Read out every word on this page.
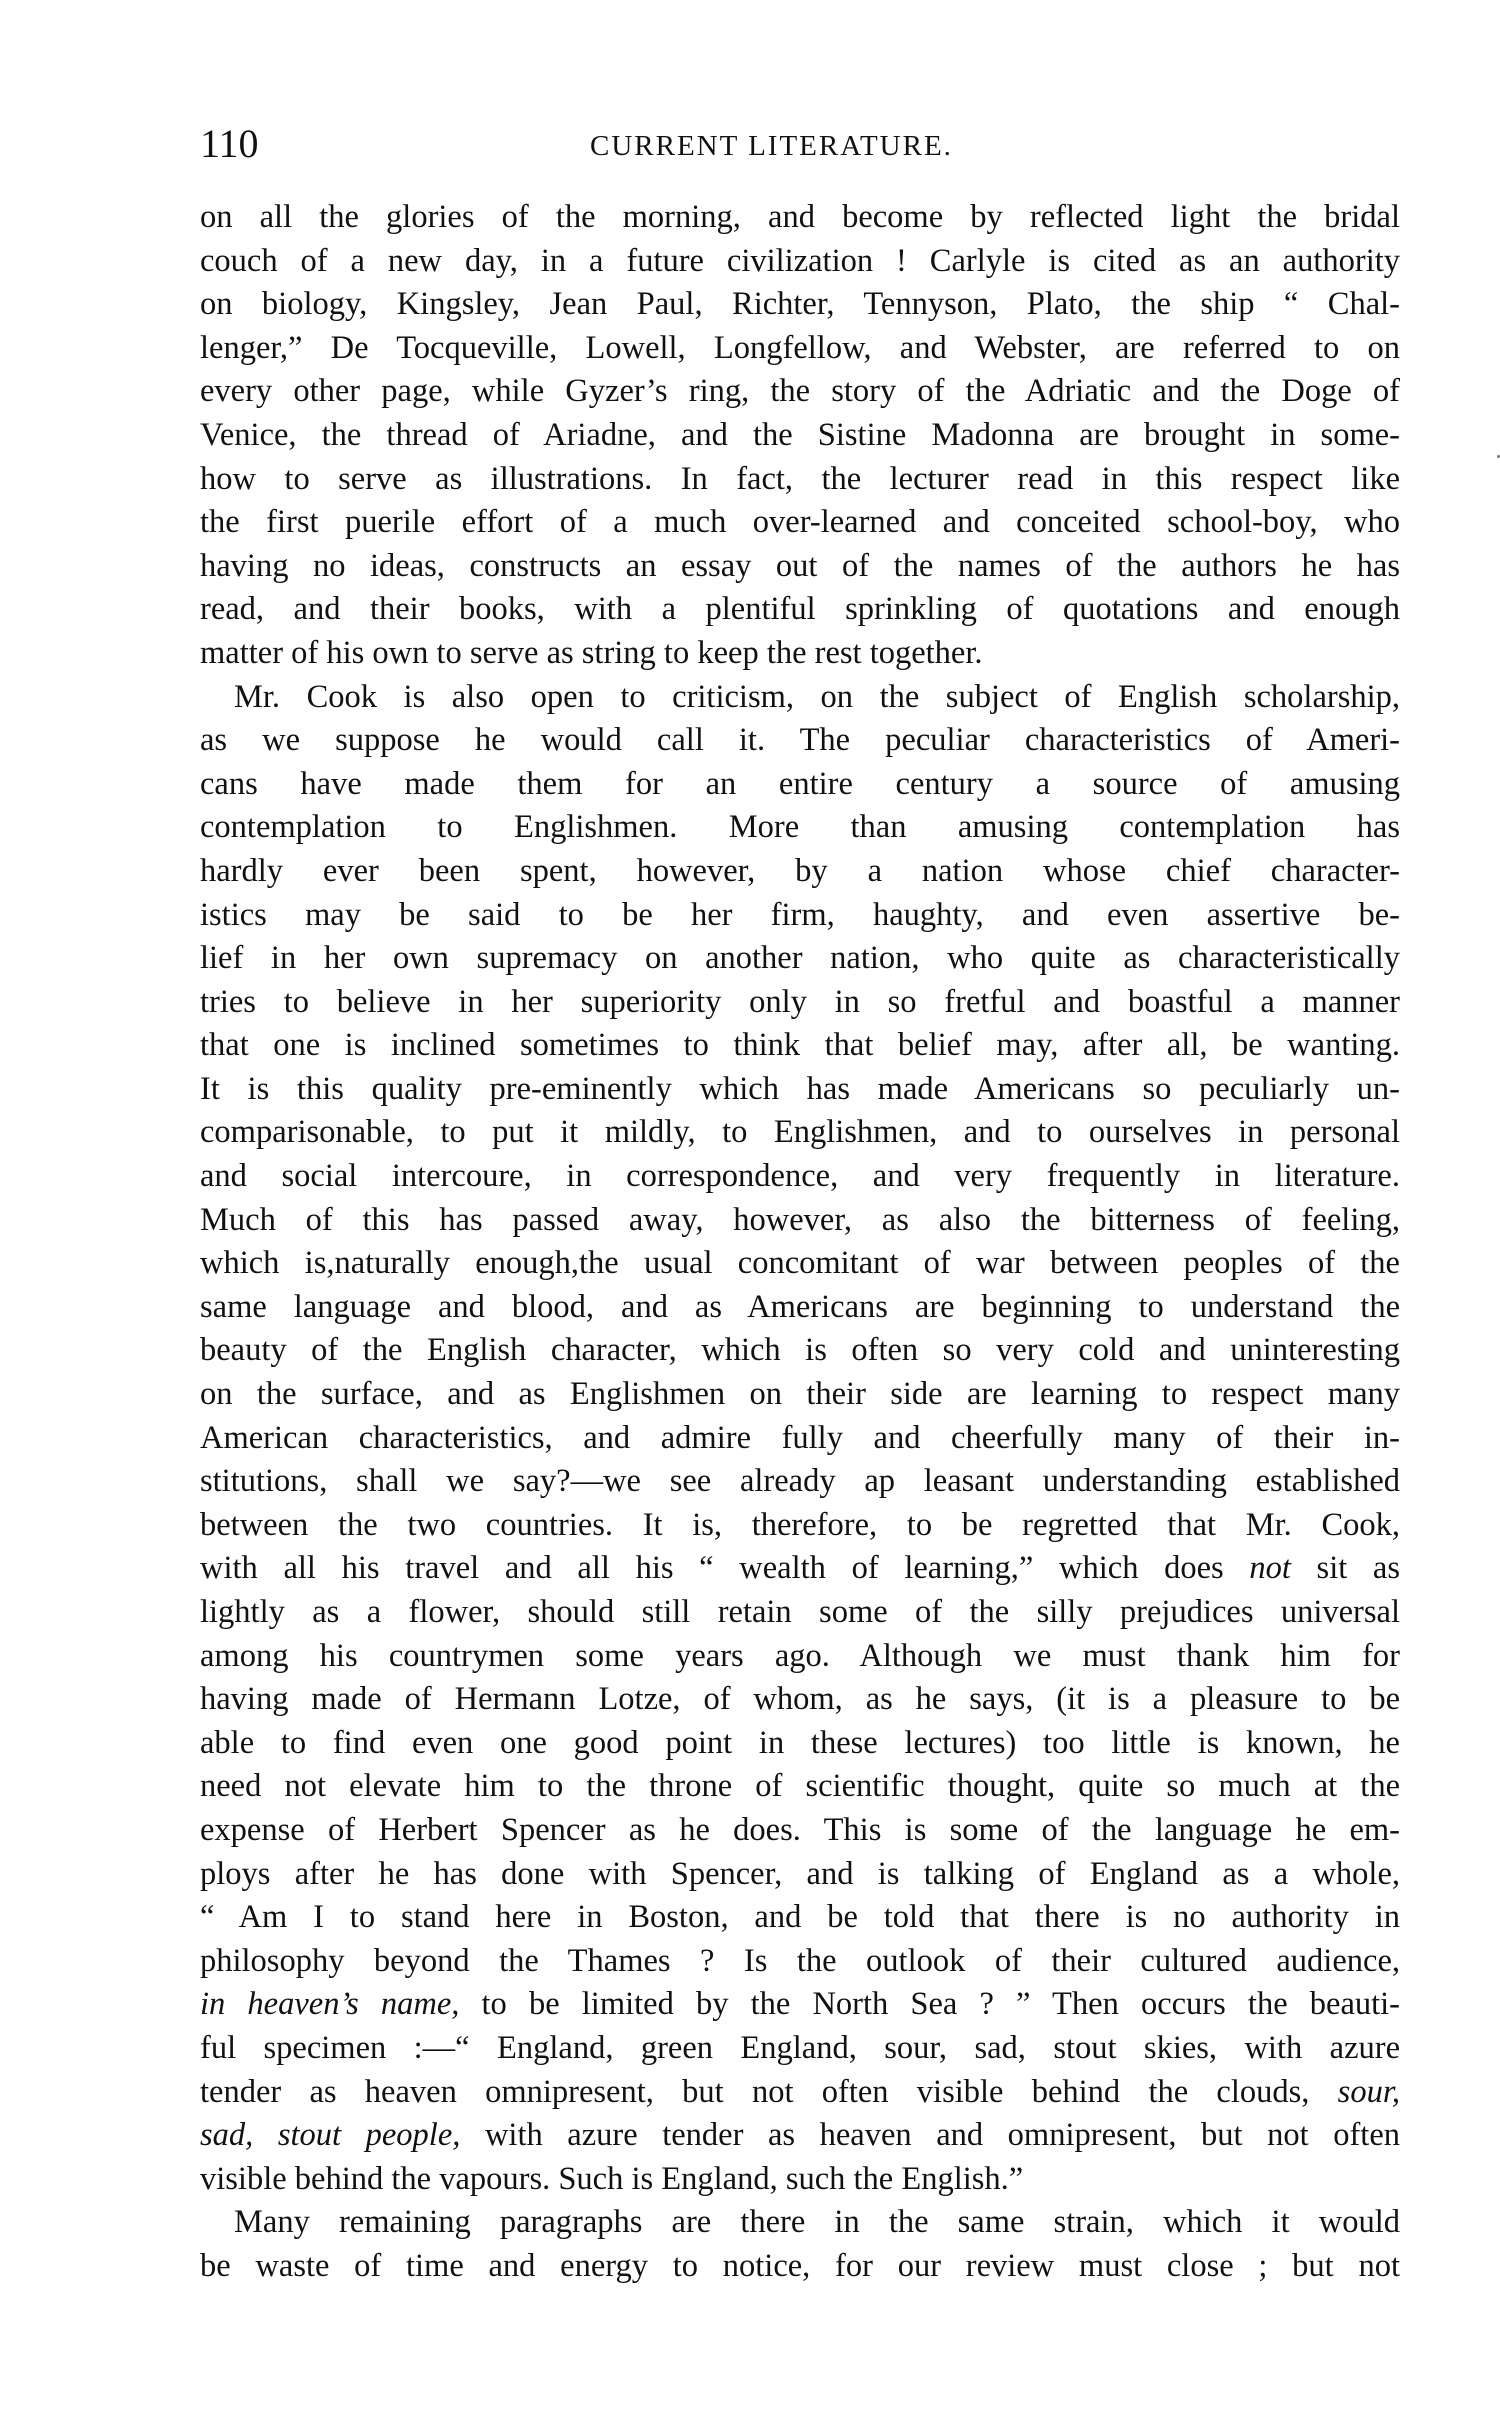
110	CURRENT LITERATURE.
on all the glories of the morning, and become by reflected light the bridal
couch of a new day, in a future civilization ! Carlyle is cited as an authority
on biology, Kingsley, Jean Paul, Richter, Tennyson, Plato, the ship “ Chal-
lenger,” De Tocqueville, Lowell, Longfellow, and Webster, are referred to on
every other page, while Gyzer’s ring, the story of the Adriatic and the Doge of
Venice, the thread of Ariadne, and the Sistine Madonna are brought in some-
how to serve as illustrations. In fact, the lecturer read in this respect like
the first puerile effort of a much over-learned and conceited school-boy, who
having no ideas, constructs an essay out of the names of the authors he has
read, and their books, with a plentiful sprinkling of quotations and enough
matter of his own to serve as string to keep the rest together.
Mr. Cook is also open to criticism, on the subject of English scholarship,
as we suppose he would call it. The peculiar characteristics of Ameri-
cans have made them for an entire century a source of amusing
contemplation to Englishmen. More than amusing contemplation has
hardly ever been spent, however, by a nation whose chief character-
istics may be said to be her firm, haughty, and even assertive be-
lief in her own supremacy on another nation, who quite as characteristically
tries to believe in her superiority only in so fretful and boastful a manner
that one is inclined sometimes to think that belief may, after all, be wanting.
It is this quality pre-eminently which has made Americans so peculiarly un-
comparisonable, to put it mildly, to Englishmen, and to ourselves in personal
and social intercoure, in correspondence, and very frequently in literature.
Much of this has passed away, however, as also the bitterness of feeling,
which is,naturally enough,the usual concomitant of war between peoples of the
same language and blood, and as Americans are beginning to understand the
beauty of the English character, which is often so very cold and uninteresting
on the surface, and as Englishmen on their side are learning to respect many
American characteristics, and admire fully and cheerfully many of their in-
stitutions, shall we say?—we see already ap leasant understanding established
between the two countries. It is, therefore, to be regretted that Mr. Cook,
with all his travel and all his “ wealth of learning,” which does not sit as
lightly as a flower, should still retain some of the silly prejudices universal
among his countrymen some years ago. Although we must thank him for
having made of Hermann Lotze, of whom, as he says, (it is a pleasure to be
able to find even one good point in these lectures) too little is known, he
need not elevate him to the throne of scientific thought, quite so much at the
expense of Herbert Spencer as he does. This is some of the language he em-
ploys after he has done with Spencer, and is talking of England as a whole,
“ Am I to stand here in Boston, and be told that there is no authority in
philosophy beyond the Thames ? Is the outlook of their cultured audience,
in heaven’s name, to be limited by the North Sea ? ” Then occurs the beauti-
ful specimen :—“ England, green England, sour, sad, stout skies, with azure
tender as heaven omnipresent, but not often visible behind the clouds, sour,
sad, stout people, with azure tender as heaven and omnipresent, but not often
visible behind the vapours. Such is England, such the English.”
Many remaining paragraphs are there in the same strain, which it would
be waste of time and energy to notice, for our review must close ; but not
